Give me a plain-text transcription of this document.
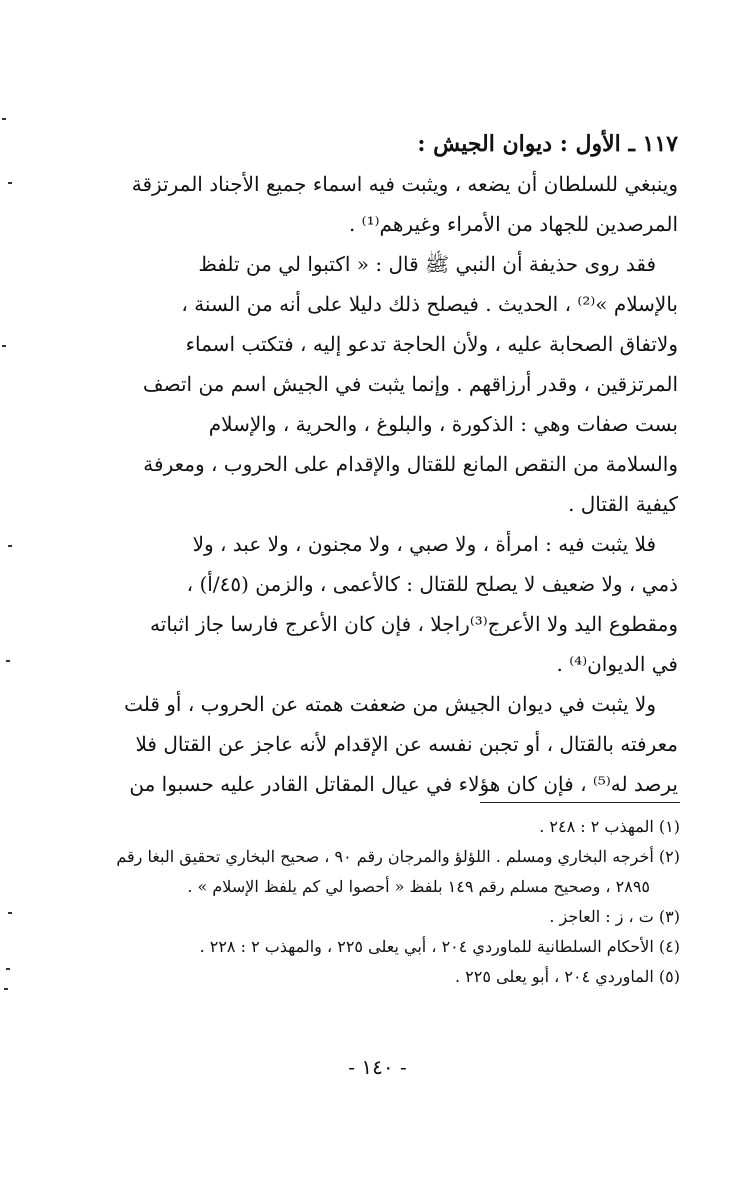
١١٧ ـ الأول : ديوان الجيش :
وينبغي للسلطان أن يضعه ، ويثبت فيه اسماء جميع الأجناد المرتزقة
المرصدين للجهاد من الأمراء وغيرهم⁽¹⁾ .
فقد روى حذيفة أن النبي ﷺ قال : « اكتبوا لي من تلفظ
بالإسلام »⁽²⁾ ، الحديث . فيصلح ذلك دليلا على أنه من السنة ،
ولاتفاق الصحابة عليه ، ولأن الحاجة تدعو إليه ، فتكتب اسماء
المرتزقين ، وقدر أرزاقهم . وإنما يثبت في الجيش اسم من اتصف
بست صفات وهي : الذكورة ، والبلوغ ، والحرية ، والإسلام
والسلامة من النقص المانع للقتال والإقدام على الحروب ، ومعرفة
كيفية القتال .
فلا يثبت فيه : امرأة ، ولا صبي ، ولا مجنون ، ولا عبد ، ولا
ذمي ، ولا ضعيف لا يصلح للقتال : كالأعمى ، والزمن (٤٥/أ) ،
ومقطوع اليد ولا الأعرج⁽³⁾راجلا ، فإن كان الأعرج فارسا جاز اثباته
في الديوان⁽⁴⁾ .
ولا يثبت في ديوان الجيش من ضعفت همته عن الحروب ، أو قلت
معرفته بالقتال ، أو تجبن نفسه عن الإقدام لأنه عاجز عن القتال فلا
يرصد له⁽⁵⁾ ، فإن كان هؤلاء في عيال المقاتل القادر عليه حسبوا من
(١) المهذب ٢ : ٢٤٨ .
(٢) أخرجه البخاري ومسلم . اللؤلؤ والمرجان رقم ٩٠ ، صحيح البخاري تحقيق البغا رقم
٢٨٩٥ ، وصحيح مسلم رقم ١٤٩ بلفظ « أحصوا لي كم يلفظ الإسلام » .
(٣) ت ، ز : العاجز .
(٤) الأحكام السلطانية للماوردي ٢٠٤ ، أبي يعلى ٢٢٥ ، والمهذب ٢ : ٢٢٨ .
(٥) الماوردي ٢٠٤ ، أبو يعلى ٢٢٥ .
- ١٤٠ -
